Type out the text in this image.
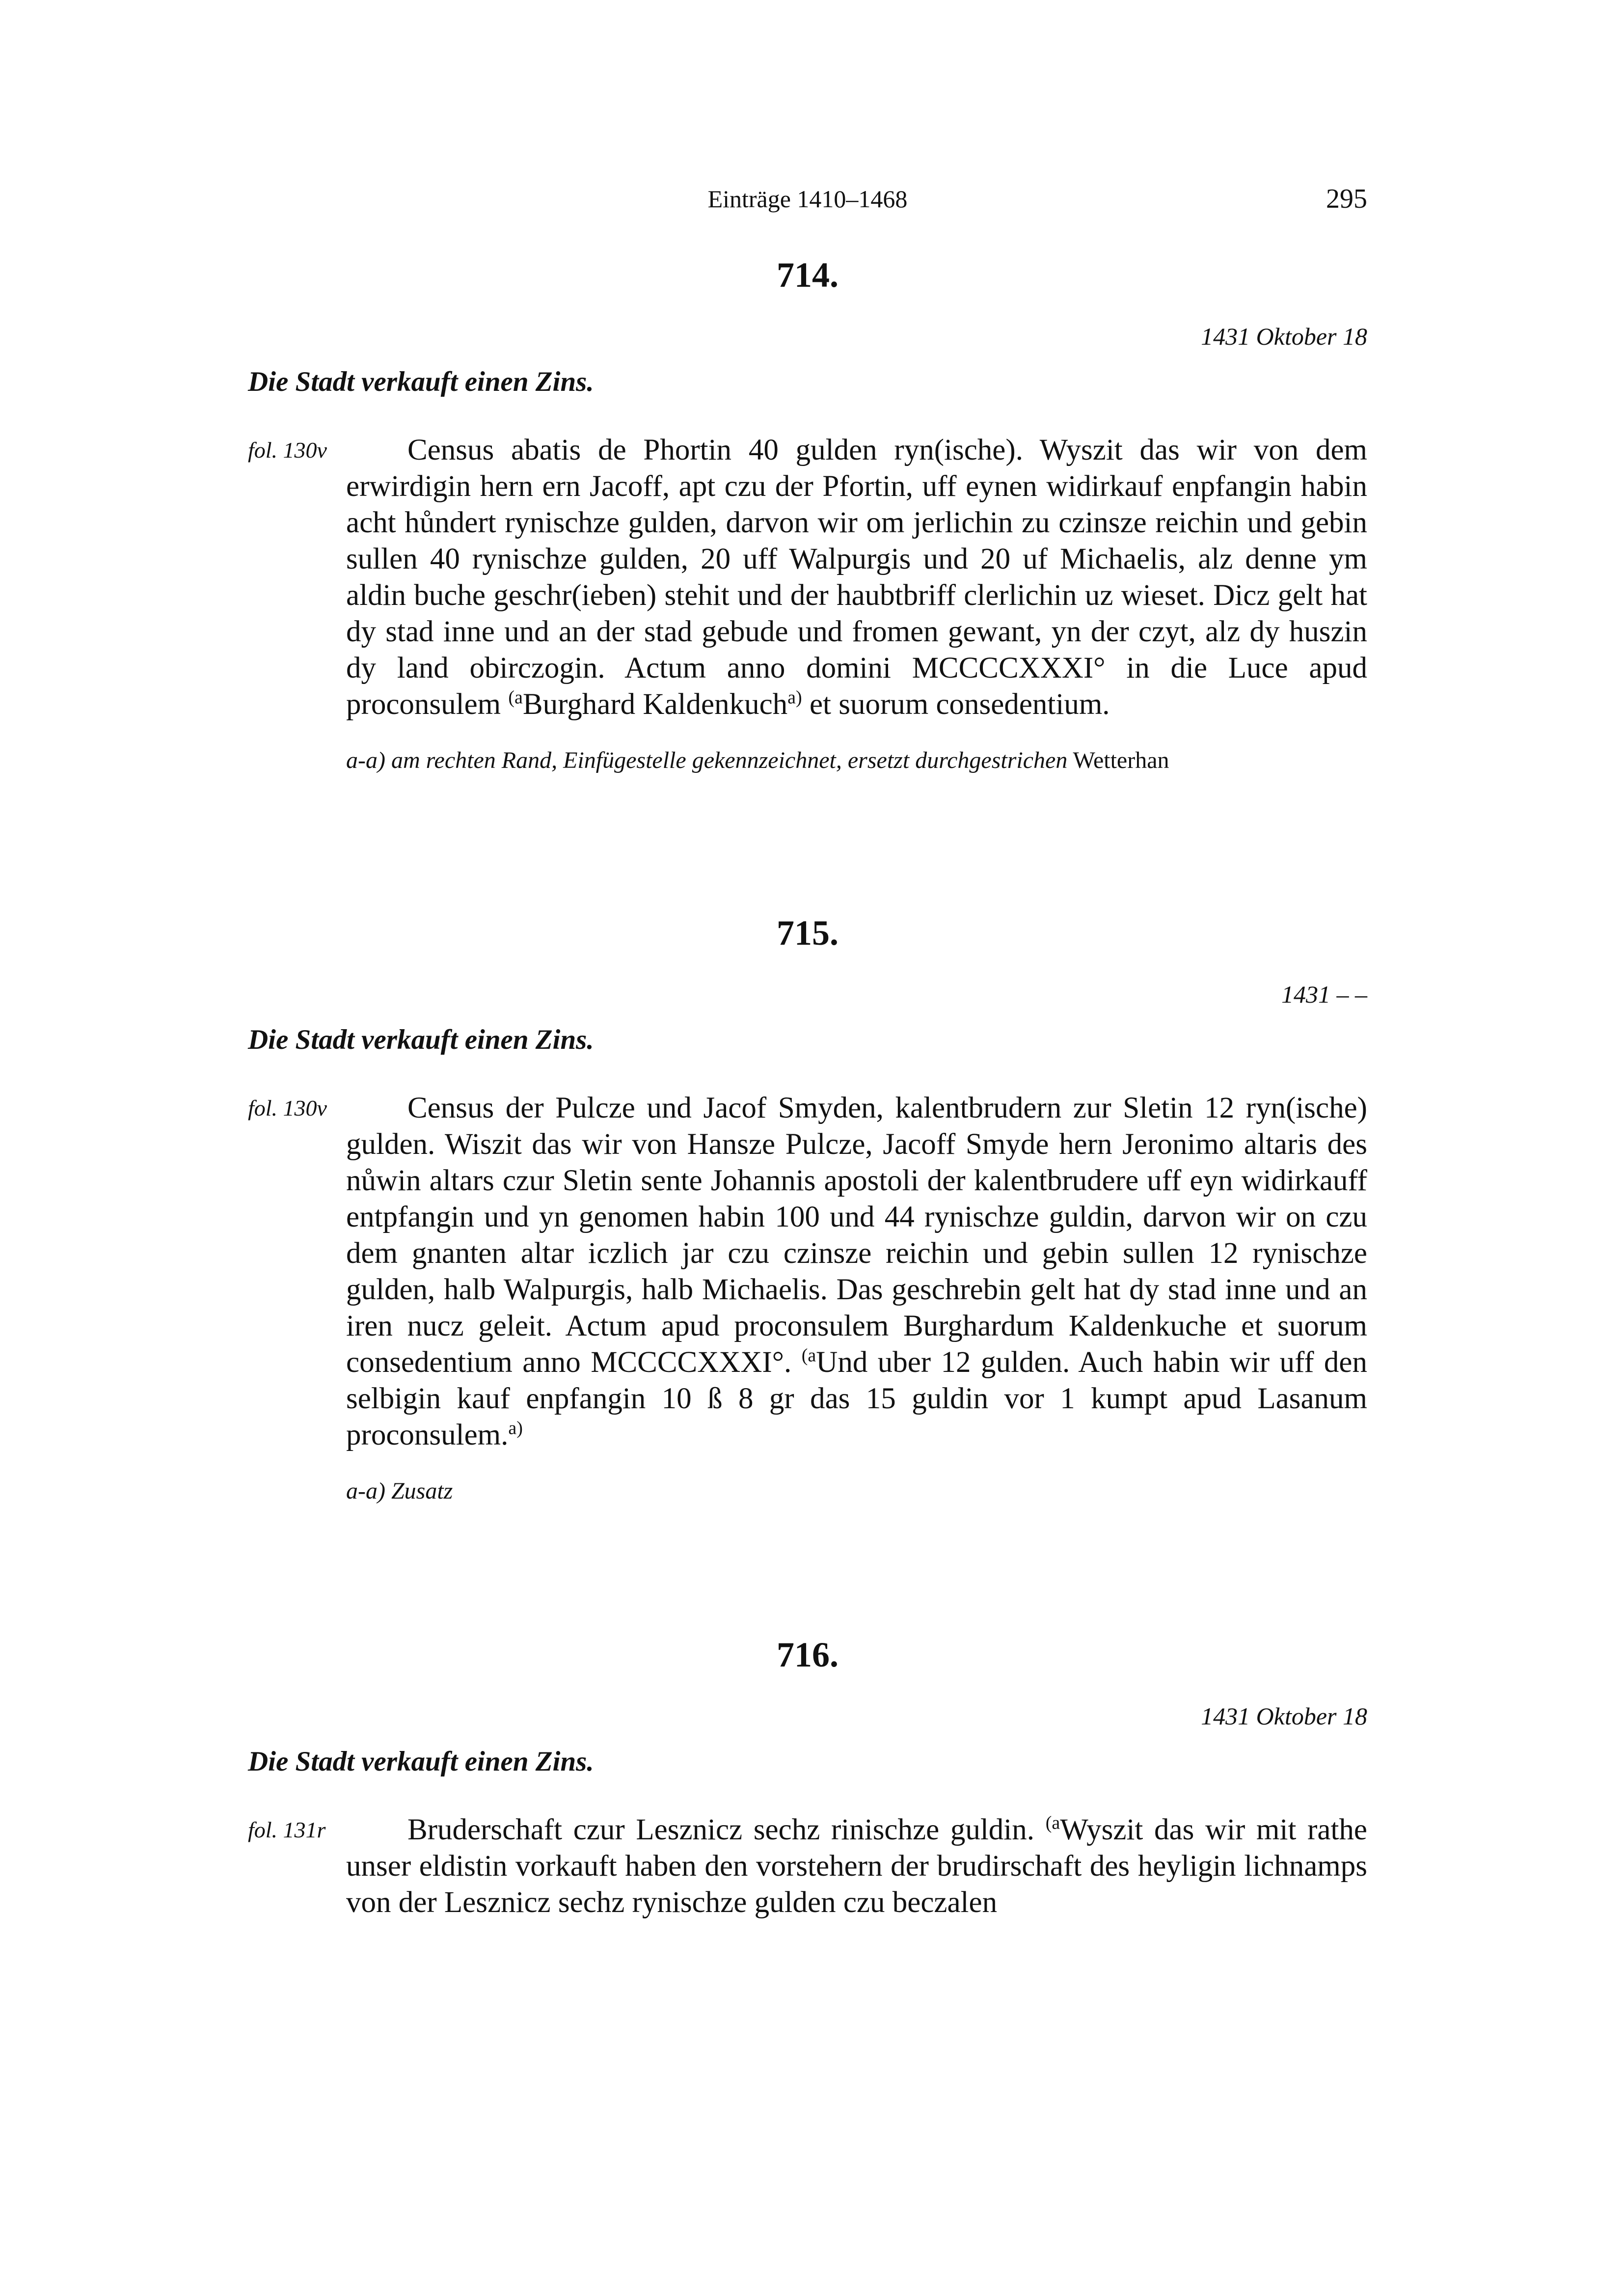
Einträge 1410–1468	295
714.
1431 Oktober 18
Die Stadt verkauft einen Zins.
fol. 130v	Census abatis de Phortin 40 gulden ryn(ische). Wyszit das wir von dem erwirdigin hern ern Jacoff, apt czu der Pfortin, uff eynen widirkauf enpfangin habin acht hůndert rynischze gulden, darvon wir om jerlichin zu czinsze reichin und gebin sullen 40 rynischze gulden, 20 uff Walpurgis und 20 uf Michaelis, alz denne ym aldin buche geschr(ieben) stehit und der haubtbriff clerlichin uz wieset. Dicz gelt hat dy stad inne und an der stad gebude und fromen gewant, yn der czyt, alz dy huszin dy land obirczogin. Actum anno domini MCCCCXXXI° in die Luce apud proconsulem $^{(a}$Burghard Kaldenkuch$^{a)}$ et suorum consedentium.

a-a) am rechten Rand, Einfügestelle gekennzeichnet, ersetzt durchgestrichen Wetterhan
715.
1431 – –
Die Stadt verkauft einen Zins.
fol. 130v	Census der Pulcze und Jacof Smyden, kalentbrudern zur Sletin 12 ryn(ische) gulden. Wiszit das wir von Hansze Pulcze, Jacoff Smyde hern Jeronimo altaris des nůwin altars czur Sletin sente Johannis apostoli der kalentbrudere uff eyn widirkauff entpfangin und yn genomen habin 100 und 44 rynischze guldin, darvon wir on czu dem gnanten altar iczlich jar czu czinsze reichin und gebin sullen 12 rynischze gulden, halb Walpurgis, halb Michaelis. Das geschrebin gelt hat dy stad inne und an iren nucz geleit. Actum apud proconsulem Burghardum Kaldenkuche et suorum consedentium anno MCCCCXXXI°. $^{(a}$Und uber 12 gulden. Auch habin wir uff den selbigin kauf enpfangin 10 ß 8 gr das 15 guldin vor 1 kumpt apud Lasanum proconsulem.$^{a)}$

a-a) Zusatz
716.
1431 Oktober 18
Die Stadt verkauft einen Zins.
fol. 131r	Bruderschaft czur Lesznicz sechz rinischze guldin. $^{(a}$Wyszit das wir mit rathe unser eldistin vorkauft haben den vorstehern der brudirschaft des heyligin lichnamps von der Lesznicz sechz rynischze gulden czu beczalen
